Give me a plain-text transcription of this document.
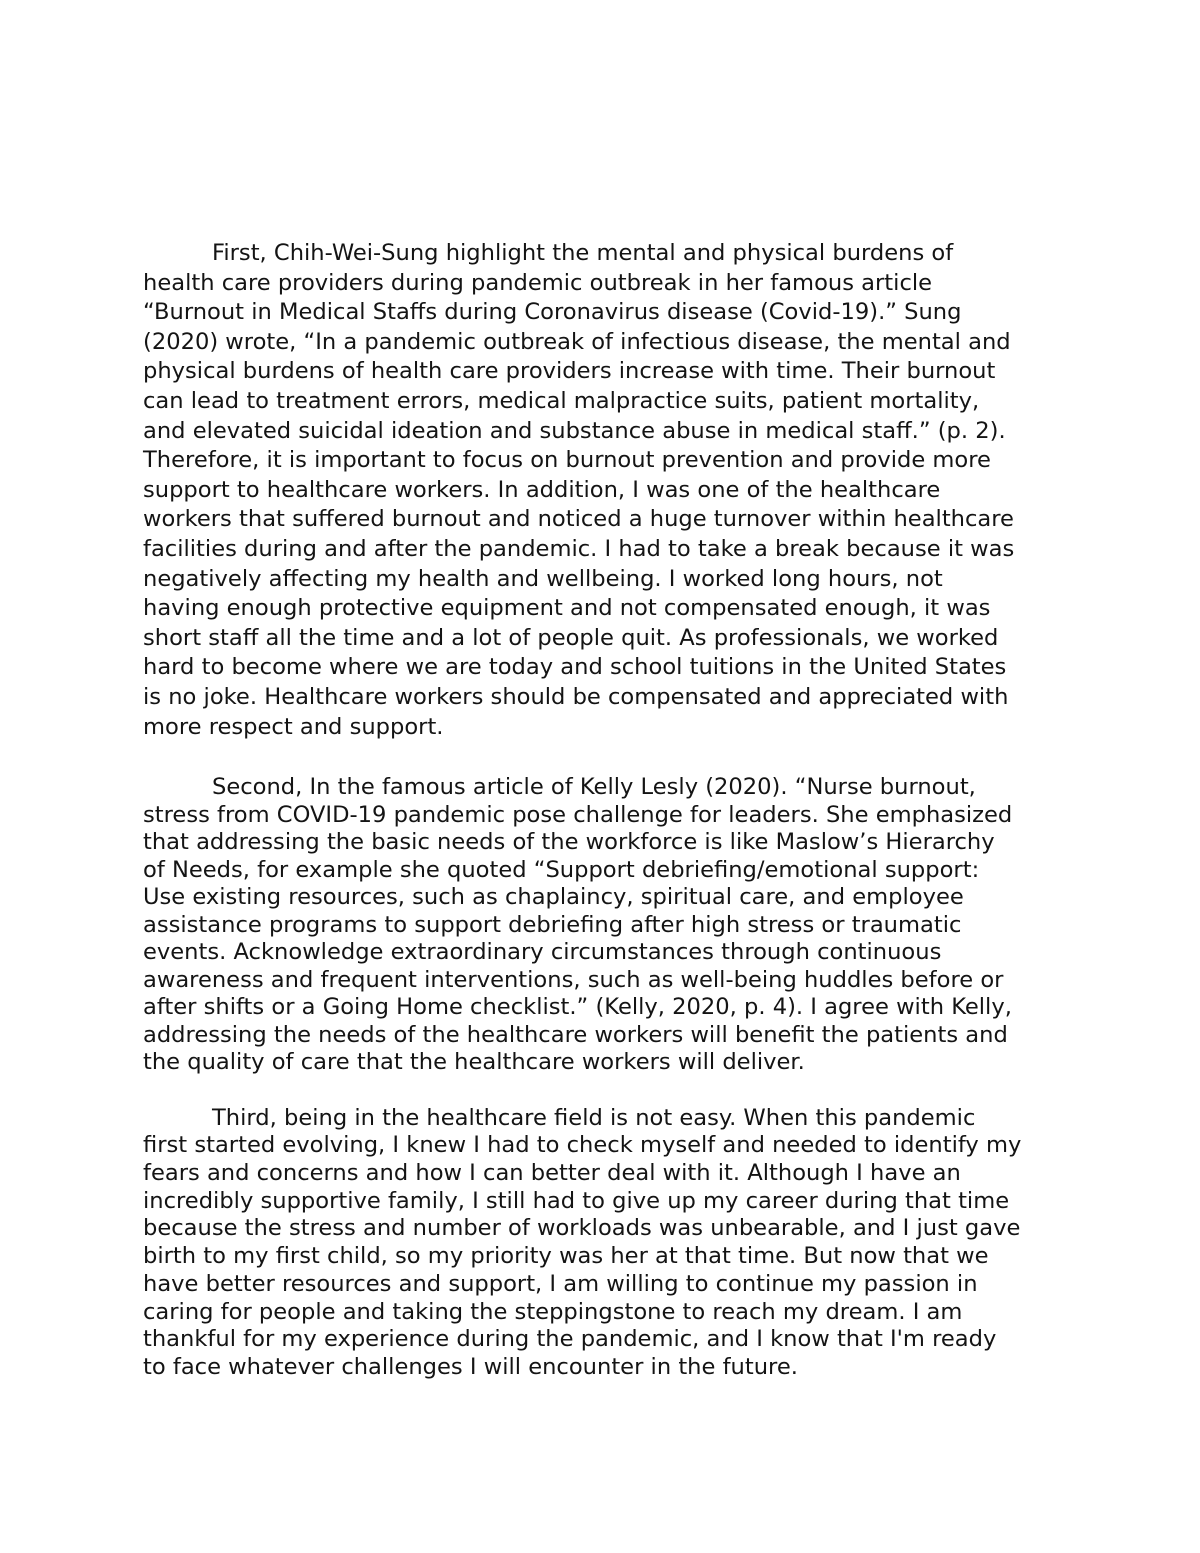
First, Chih-Wei-Sung highlight the mental and physical burdens of
health care providers during pandemic outbreak in her famous article
“Burnout in Medical Staffs during Coronavirus disease (Covid-19).” Sung
(2020) wrote, “In a pandemic outbreak of infectious disease, the mental and
physical burdens of health care providers increase with time. Their burnout
can lead to treatment errors, medical malpractice suits, patient mortality,
and elevated suicidal ideation and substance abuse in medical staff.” (p. 2).
Therefore, it is important to focus on burnout prevention and provide more
support to healthcare workers. In addition, I was one of the healthcare
workers that suffered burnout and noticed a huge turnover within healthcare
facilities during and after the pandemic. I had to take a break because it was
negatively affecting my health and wellbeing. I worked long hours, not
having enough protective equipment and not compensated enough, it was
short staff all the time and a lot of people quit. As professionals, we worked
hard to become where we are today and school tuitions in the United States
is no joke. Healthcare workers should be compensated and appreciated with
more respect and support.

Second, In the famous article of Kelly Lesly (2020). “Nurse burnout,
stress from COVID-19 pandemic pose challenge for leaders. She emphasized
that addressing the basic needs of the workforce is like Maslow’s Hierarchy
of Needs, for example she quoted “Support debriefing/emotional support:
Use existing resources, such as chaplaincy, spiritual care, and employee
assistance programs to support debriefing after high stress or traumatic
events. Acknowledge extraordinary circumstances through continuous
awareness and frequent interventions, such as well-being huddles before or
after shifts or a Going Home checklist.” (Kelly, 2020, p. 4). I agree with Kelly,
addressing the needs of the healthcare workers will benefit the patients and
the quality of care that the healthcare workers will deliver.

Third, being in the healthcare field is not easy. When this pandemic
first started evolving, I knew I had to check myself and needed to identify my
fears and concerns and how I can better deal with it. Although I have an
incredibly supportive family, I still had to give up my career during that time
because the stress and number of workloads was unbearable, and I just gave
birth to my first child, so my priority was her at that time. But now that we
have better resources and support, I am willing to continue my passion in
caring for people and taking the steppingstone to reach my dream. I am
thankful for my experience during the pandemic, and I know that I'm ready
to face whatever challenges I will encounter in the future.
